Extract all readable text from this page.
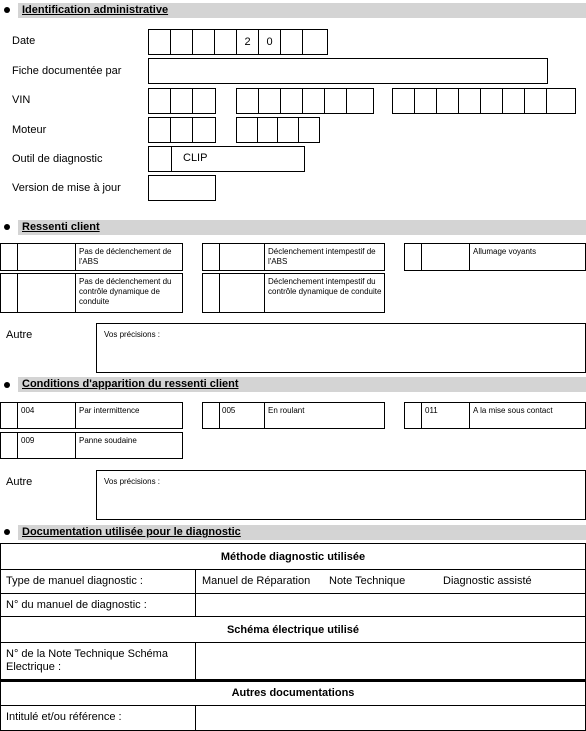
Identification administrative
Date	2	0
Fiche documentée par
VIN
Moteur
Outil de diagnostic	CLIP
Version de mise à jour
Ressenti client
Pas de déclenchement de l'ABS
Déclenchement intempestif de l'ABS
Allumage voyants
Pas de déclenchement du contrôle dynamique de conduite
Déclenchement intempestif du contrôle dynamique de conduite
Autre	Vos précisions :
Conditions d'apparition du ressenti client
004	Par intermittence	005	En roulant	011	A la mise sous contact
009	Panne soudaine
Autre	Vos précisions :
Documentation utilisée pour le diagnostic
Méthode diagnostic utilisée
Type de manuel diagnostic :	Manuel de Réparation Note Technique	Diagnostic assisté
N° du manuel de diagnostic :
Schéma électrique utilisé
N° de la Note Technique Schéma
Electrique :
Autres documentations
Intitulé et/ou référence :
